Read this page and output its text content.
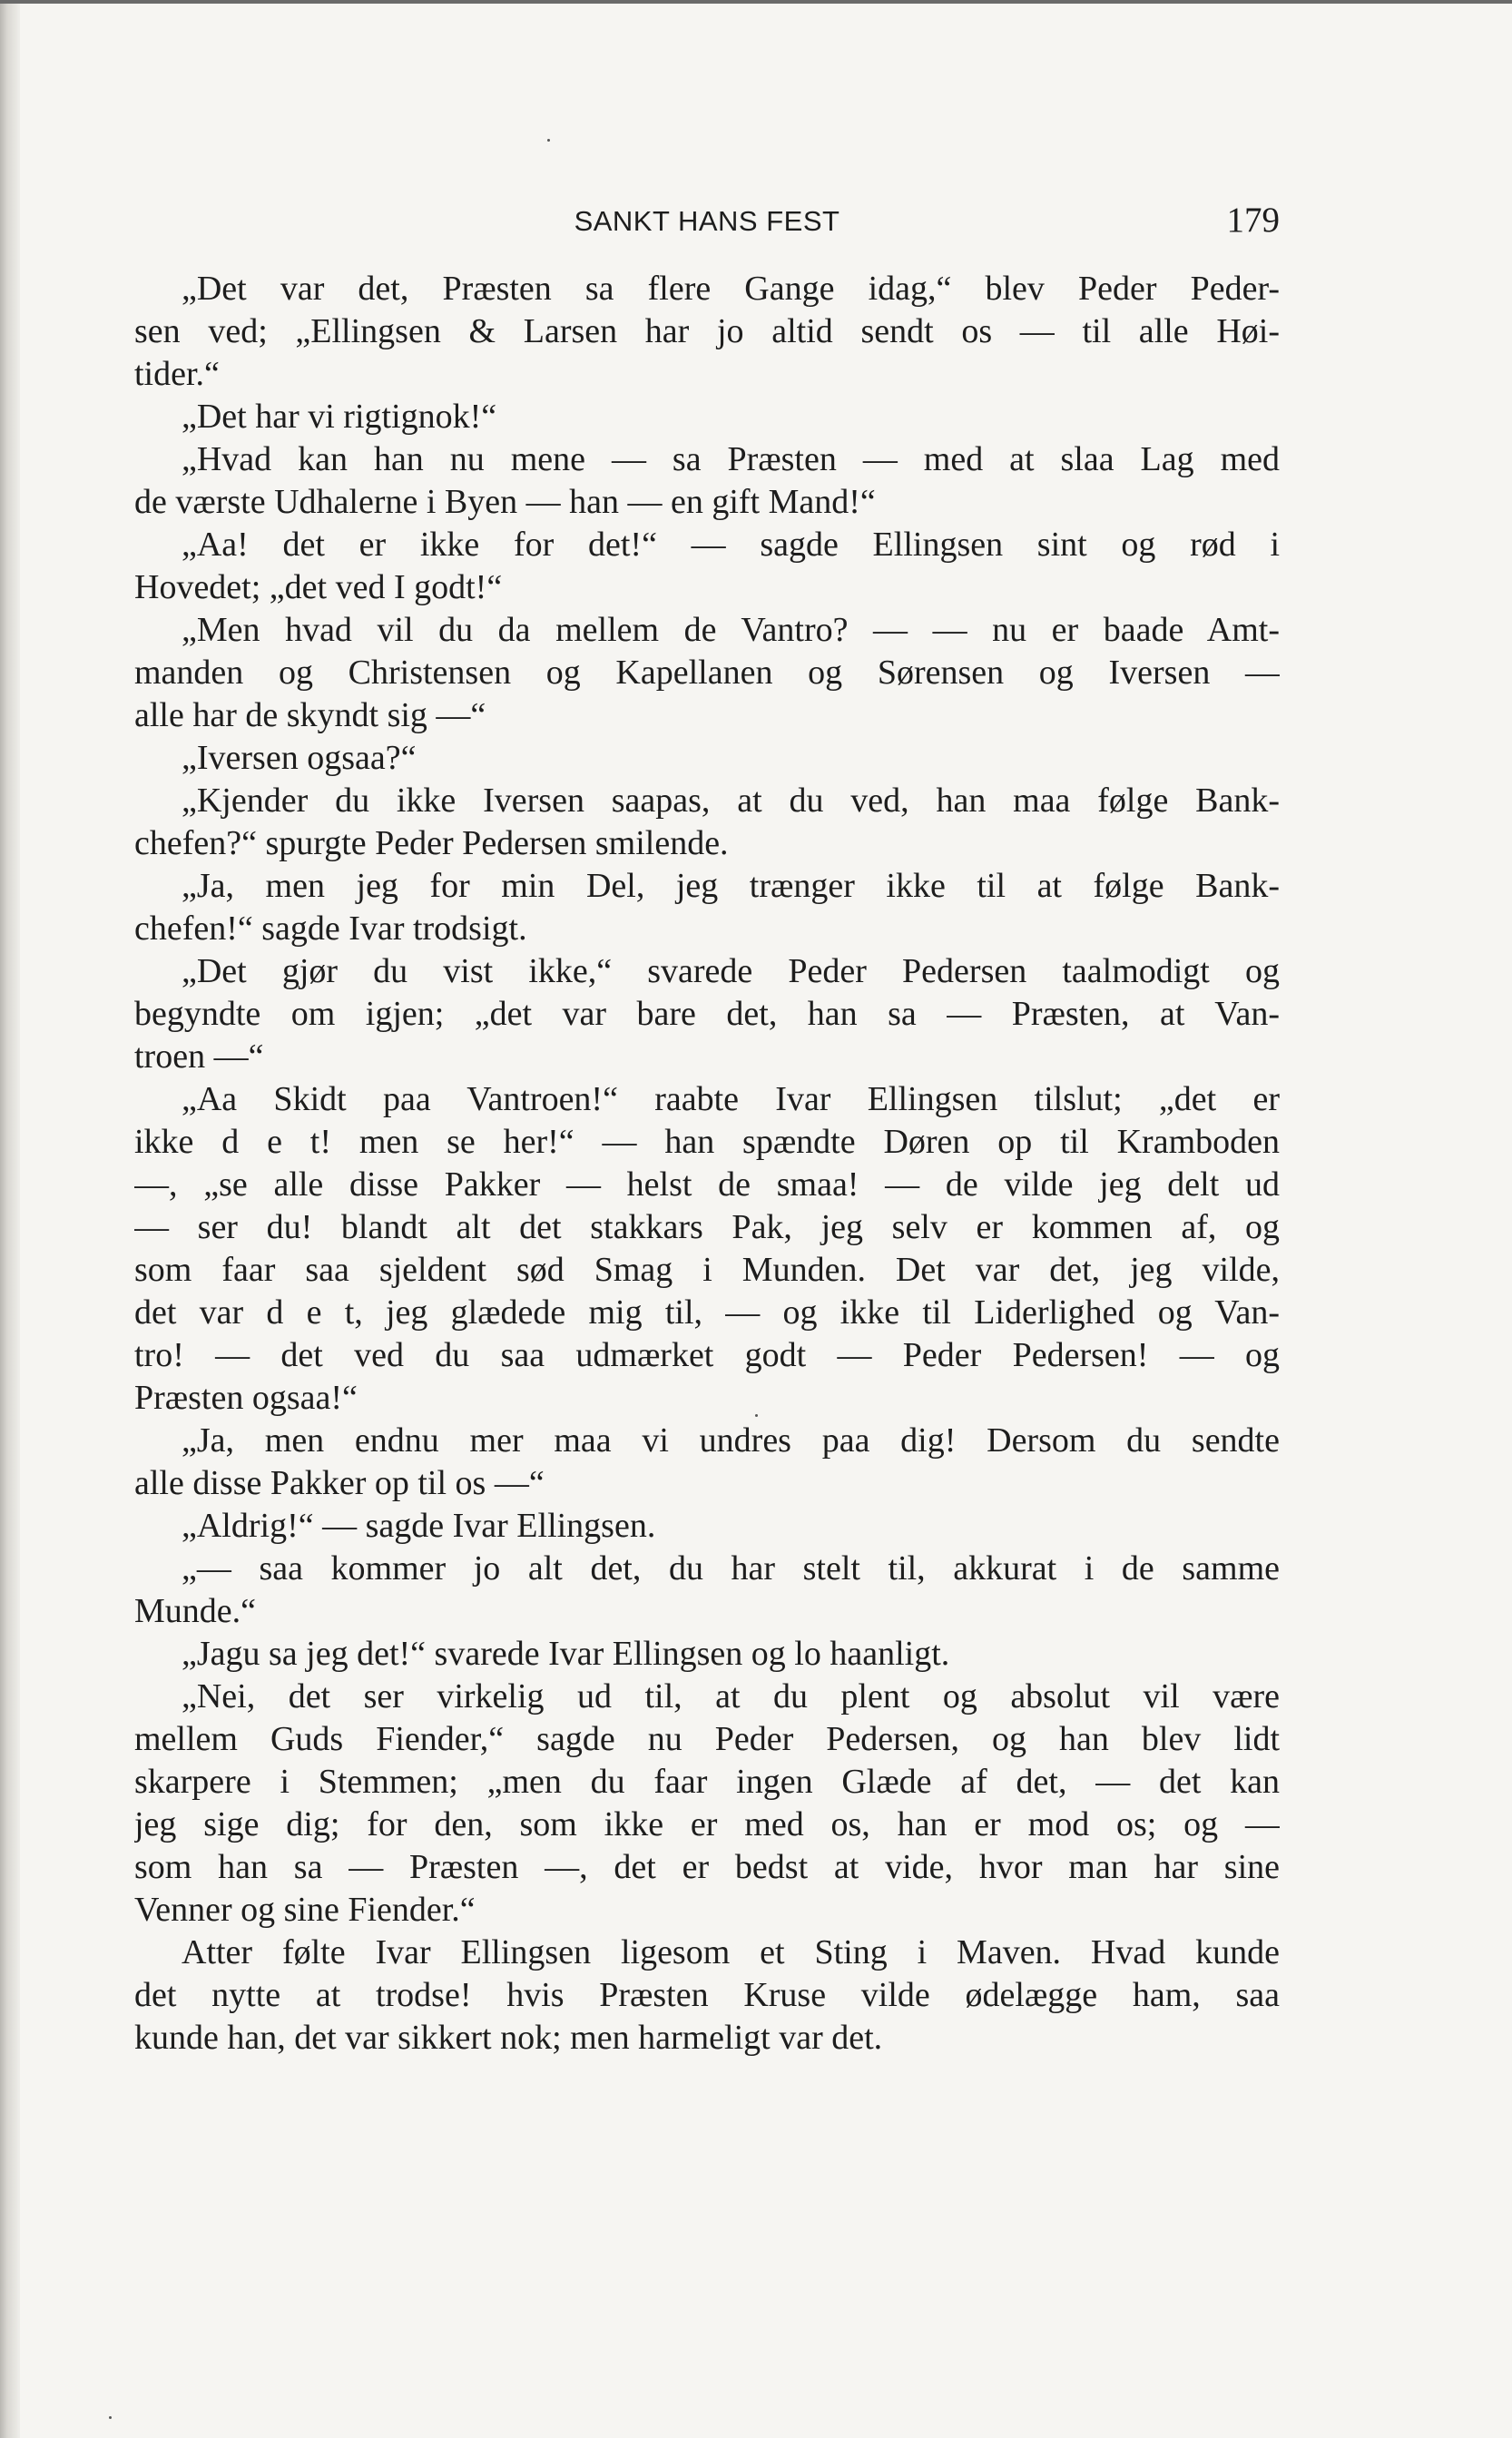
SANKT HANS FEST	179
„Det var det, Præsten sa flere Gange idag,“ blev Peder Peder-
sen ved; „Ellingsen & Larsen har jo altid sendt os — til alle Høi-
tider.“
„Det har vi rigtignok!“
„Hvad kan han nu mene — sa Præsten — med at slaa Lag med
de værste Udhalerne i Byen — han — en gift Mand!“
„Aa! det er ikke for det!“ — sagde Ellingsen sint og rød i
Hovedet; „det ved I godt!“
„Men hvad vil du da mellem de Vantro? — — nu er baade Amt-
manden og Christensen og Kapellanen og Sørensen og Iversen —
alle har de skyndt sig —“
„Iversen ogsaa?“
„Kjender du ikke Iversen saapas, at du ved, han maa følge Bank-
chefen?“ spurgte Peder Pedersen smilende.
„Ja, men jeg for min Del, jeg trænger ikke til at følge Bank-
chefen!“ sagde Ivar trodsigt.
„Det gjør du vist ikke,“ svarede Peder Pedersen taalmodigt og
begyndte om igjen; „det var bare det, han sa — Præsten, at Van-
troen —“
„Aa Skidt paa Vantroen!“ raabte Ivar Ellingsen tilslut; „det er
ikke d e t! men se her!“ — han spændte Døren op til Kramboden
—, „se alle disse Pakker — helst de smaa! — de vilde jeg delt ud
— ser du! blandt alt det stakkars Pak, jeg selv er kommen af, og
som faar saa sjeldent sød Smag i Munden. Det var det, jeg vilde,
det var d e t, jeg glædede mig til, — og ikke til Liderlighed og Van-
tro! — det ved du saa udmærket godt — Peder Pedersen! — og
Præsten ogsaa!“
„Ja, men endnu mer maa vi undres paa dig! Dersom du sendte
alle disse Pakker op til os —“
„Aldrig!“ — sagde Ivar Ellingsen.
„— saa kommer jo alt det, du har stelt til, akkurat i de samme
Munde.“
„Jagu sa jeg det!“ svarede Ivar Ellingsen og lo haanligt.
„Nei, det ser virkelig ud til, at du plent og absolut vil være
mellem Guds Fiender,“ sagde nu Peder Pedersen, og han blev lidt
skarpere i Stemmen; „men du faar ingen Glæde af det, — det kan
jeg sige dig; for den, som ikke er med os, han er mod os; og —
som han sa — Præsten —, det er bedst at vide, hvor man har sine
Venner og sine Fiender.“
Atter følte Ivar Ellingsen ligesom et Sting i Maven. Hvad kunde
det nytte at trodse! hvis Præsten Kruse vilde ødelægge ham, saa
kunde han, det var sikkert nok; men harmeligt var det.
